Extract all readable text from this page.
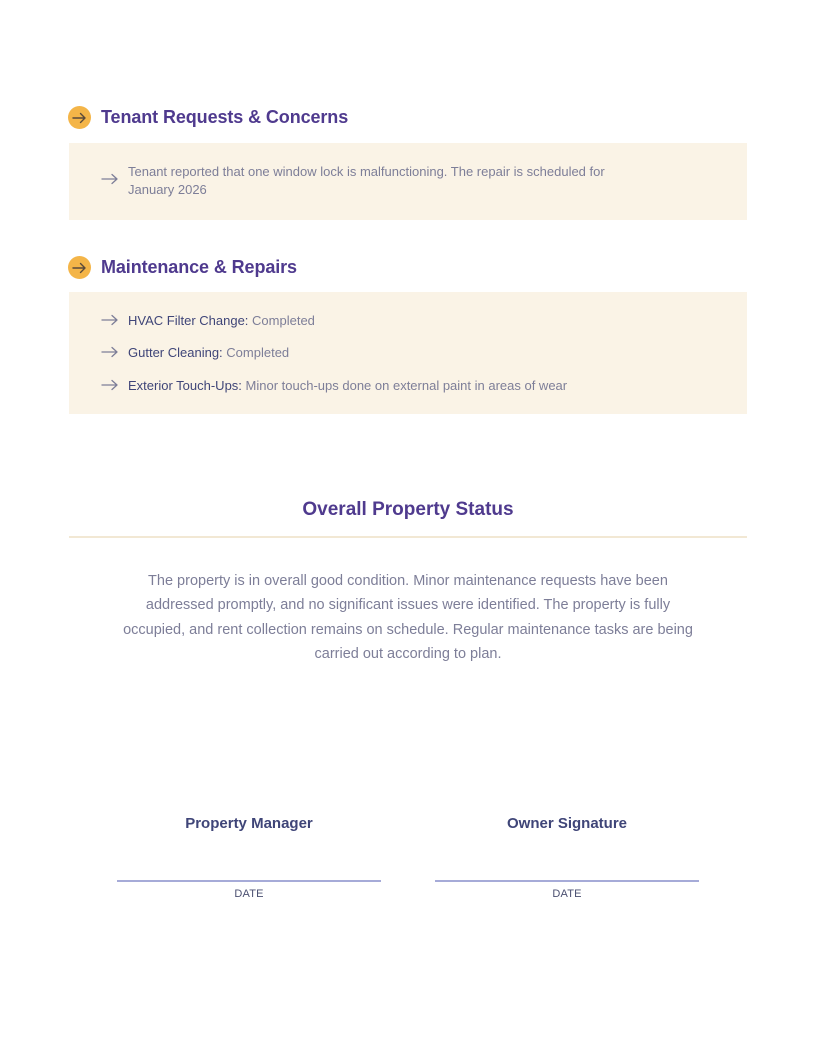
Tenant Requests & Concerns
Tenant reported that one window lock is malfunctioning. The repair is scheduled for
January 2026
Maintenance & Repairs
HVAC Filter Change: Completed
Gutter Cleaning: Completed
Exterior Touch-Ups: Minor touch-ups done on external paint in areas of wear
Overall Property Status
The property is in overall good condition. Minor maintenance requests have been addressed promptly, and no significant issues were identified. The property is fully occupied, and rent collection remains on schedule. Regular maintenance tasks are being carried out according to plan.
Property Manager
DATE
Owner Signature
DATE
